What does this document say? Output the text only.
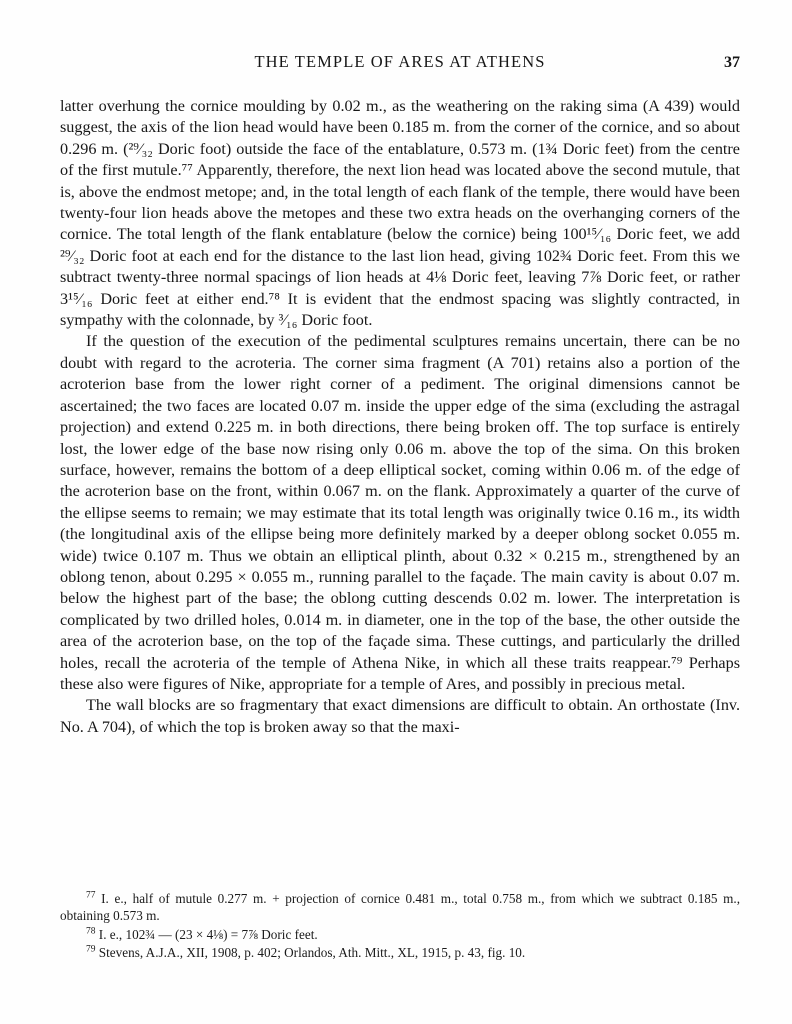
THE TEMPLE OF ARES AT ATHENS	37

latter overhung the cornice moulding by 0.02 m., as the weathering on the raking sima (A 439) would suggest, the axis of the lion head would have been 0.185 m. from the corner of the cornice, and so about 0.296 m. (²⁹⁄₃₂ Doric foot) outside the face of the entablature, 0.573 m. (1¾ Doric feet) from the centre of the first mutule.⁷⁷ Apparently, therefore, the next lion head was located above the second mutule, that is, above the endmost metope; and, in the total length of each flank of the temple, there would have been twenty-four lion heads above the metopes and these two extra heads on the overhanging corners of the cornice. The total length of the flank entablature (below the cornice) being 100¹⁵⁄₁₆ Doric feet, we add ²⁹⁄₃₂ Doric foot at each end for the distance to the last lion head, giving 102¾ Doric feet. From this we subtract twenty-three normal spacings of lion heads at 4⅛ Doric feet, leaving 7⅞ Doric feet, or rather 3¹⁵⁄₁₆ Doric feet at either end.⁷⁸ It is evident that the endmost spacing was slightly contracted, in sympathy with the colonnade, by ³⁄₁₆ Doric foot.

If the question of the execution of the pedimental sculptures remains uncertain, there can be no doubt with regard to the acroteria. The corner sima fragment (A 701) retains also a portion of the acroterion base from the lower right corner of a pediment. The original dimensions cannot be ascertained; the two faces are located 0.07 m. inside the upper edge of the sima (excluding the astragal projection) and extend 0.225 m. in both directions, there being broken off. The top surface is entirely lost, the lower edge of the base now rising only 0.06 m. above the top of the sima. On this broken surface, however, remains the bottom of a deep elliptical socket, coming within 0.06 m. of the edge of the acroterion base on the front, within 0.067 m. on the flank. Approximately a quarter of the curve of the ellipse seems to remain; we may estimate that its total length was originally twice 0.16 m., its width (the longitudinal axis of the ellipse being more definitely marked by a deeper oblong socket 0.055 m. wide) twice 0.107 m. Thus we obtain an elliptical plinth, about 0.32 × 0.215 m., strengthened by an oblong tenon, about 0.295 × 0.055 m., running parallel to the façade. The main cavity is about 0.07 m. below the highest part of the base; the oblong cutting descends 0.02 m. lower. The interpretation is complicated by two drilled holes, 0.014 m. in diameter, one in the top of the base, the other outside the area of the acroterion base, on the top of the façade sima. These cuttings, and particularly the drilled holes, recall the acroteria of the temple of Athena Nike, in which all these traits reappear.⁷⁹ Perhaps these also were figures of Nike, appropriate for a temple of Ares, and possibly in precious metal.

The wall blocks are so fragmentary that exact dimensions are difficult to obtain. An orthostate (Inv. No. A 704), of which the top is broken away so that the maxi-

$^{77}$ I. e., half of mutule 0.277 m. + projection of cornice 0.481 m., total 0.758 m., from which we subtract 0.185 m., obtaining 0.573 m.

$^{78}$ I. e., 102¾ — (23 × 4⅛) = 7⅞ Doric feet.

$^{79}$ Stevens, A.J.A., XII, 1908, p. 402; Orlandos, Ath. Mitt., XL, 1915, p. 43, fig. 10.
